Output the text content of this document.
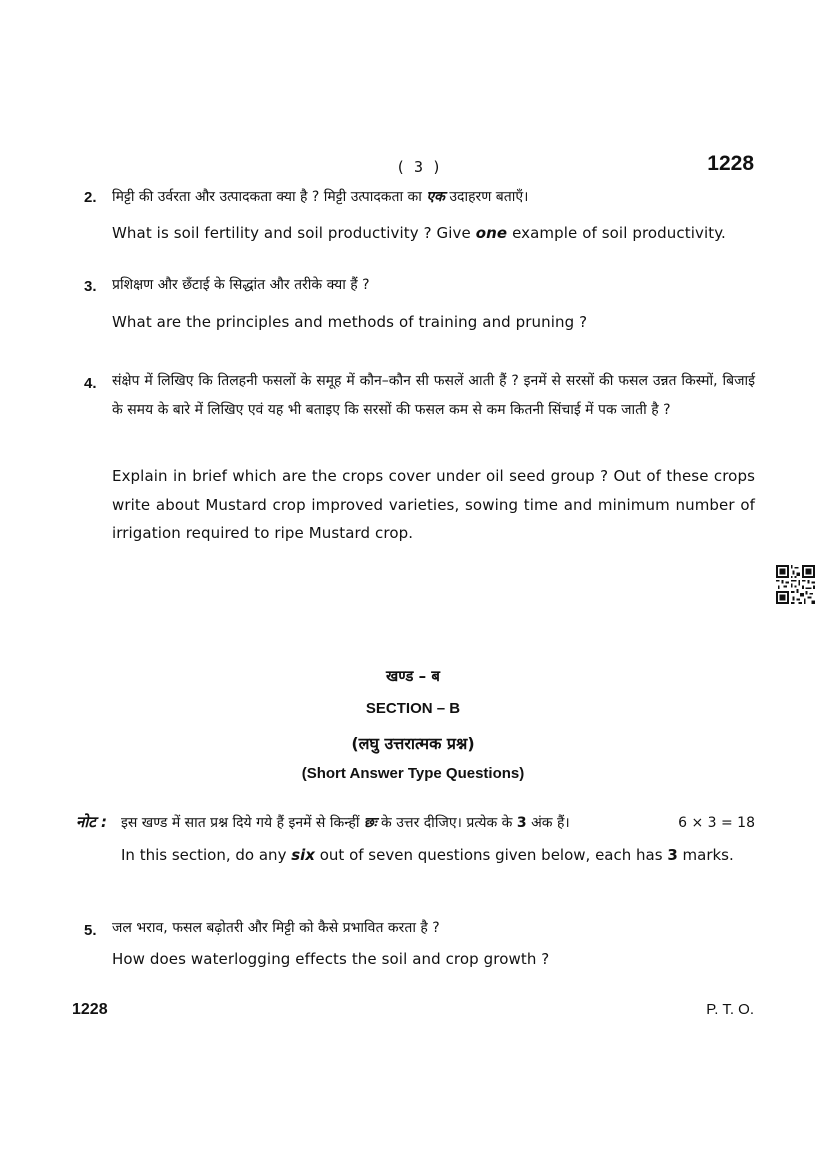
( 3 )	1228
2. मिट्टी की उर्वरता और उत्पादकता क्या है ? मिट्टी उत्पादकता का एक उदाहरण बताएँ।
What is soil fertility and soil productivity ? Give one example of soil productivity.
3. प्रशिक्षण और छँटाई के सिद्धांत और तरीके क्या हैं ?
What are the principles and methods of training and pruning ?
4. संक्षेप में लिखिए कि तिलहनी फसलों के समूह में कौन–कौन सी फसलें आती हैं ? इनमें से सरसों की फसल उन्नत किस्मों, बिजाई के समय के बारे में लिखिए एवं यह भी बताइए कि सरसों की फसल कम से कम कितनी सिंचाई में पक जाती है ?
Explain in brief which are the crops cover under oil seed group ? Out of these crops write about Mustard crop improved varieties, sowing time and minimum number of irrigation required to ripe Mustard crop.
खण्ड – ब
SECTION – B
(लघु उत्तरात्मक प्रश्न)
(Short Answer Type Questions)
नोट :	6 × 3 = 18
इस खण्ड में सात प्रश्न दिये गये हैं इनमें से किन्हीं छः के उत्तर दीजिए। प्रत्येक के 3 अंक हैं।
In this section, do any six out of seven questions given below, each has 3 marks.
5. जल भराव, फसल बढ़ोतरी और मिट्टी को कैसे प्रभावित करता है ?
How does waterlogging effects the soil and crop growth ?
1228	P. T. O.
